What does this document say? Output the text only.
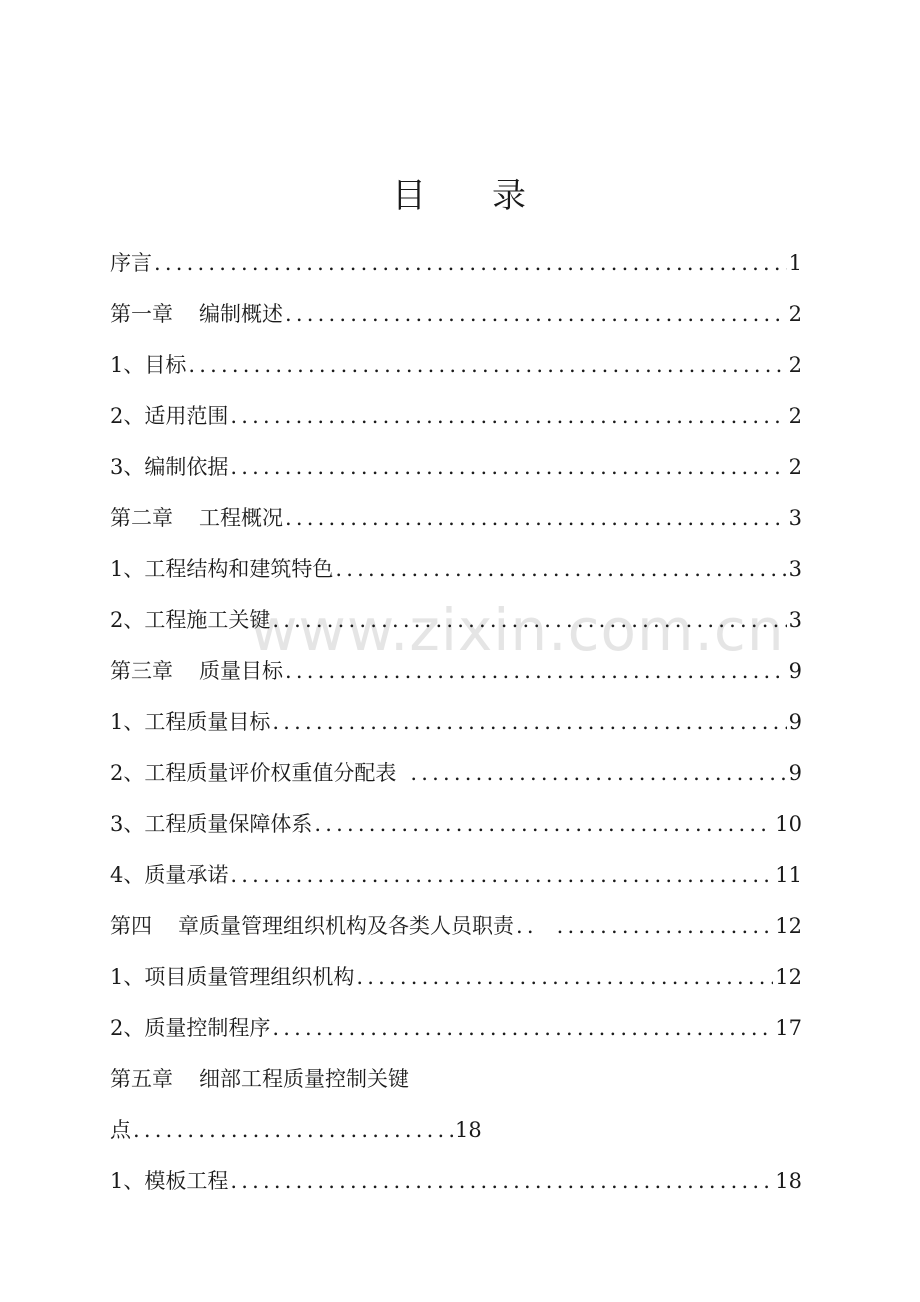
目 录
www.zixin.com.cn
序言 .....	1
第一章 编制概述 .....	2
1、目标 .....	2
2、适用范围 .....	2
3、编制依据 .....	2
第二章 工程概况 .....	3
1、工程结构和建筑特色 .....	3
2、工程施工关键 .....	3
第三章 质量目标 .....	9
1、工程质量目标 .....	9
2、工程质量评价权重值分配表 .....	9
3、工程质量保障体系 .....	10
4、质量承诺 .....	11
第四 章质量管理组织机构及各类人员职责 ..... .....	12
1、项目质量管理组织机构 .....	12
2、质量控制程序 .....	17
第五章 细部工程质量控制关键
点 .....	18
1、模板工程 .....	18
